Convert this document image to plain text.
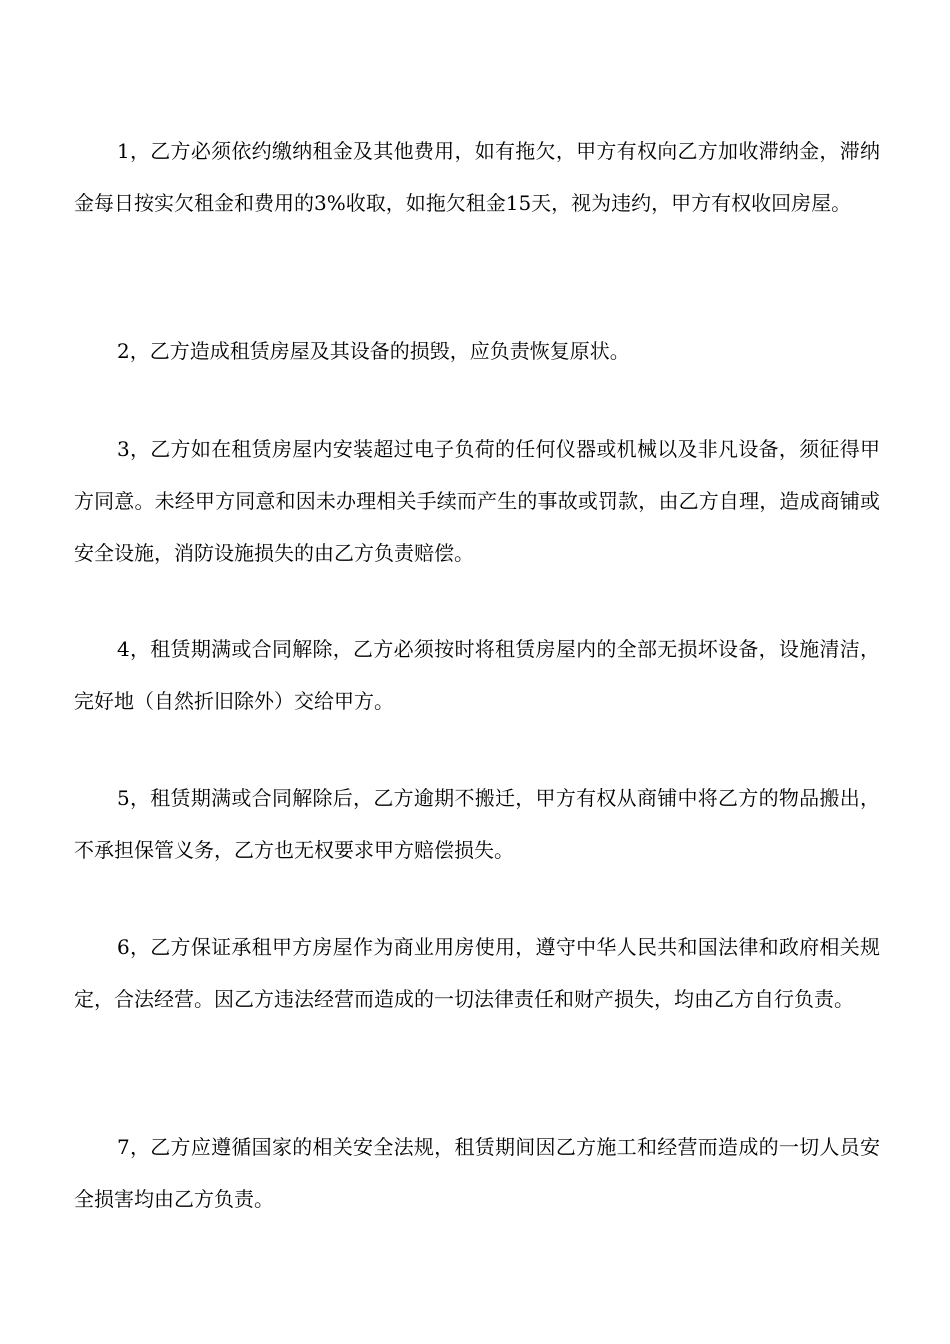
1，乙方必须依约缴纳租金及其他费用，如有拖欠，甲方有权向乙方加收滞纳金，滞纳金每日按实欠租金和费用的3%收取，如拖欠租金15天，视为违约，甲方有权收回房屋。

2，乙方造成租赁房屋及其设备的损毁，应负责恢复原状。

3，乙方如在租赁房屋内安装超过电子负荷的任何仪器或机械以及非凡设备，须征得甲方同意。未经甲方同意和因未办理相关手续而产生的事故或罚款，由乙方自理，造成商铺或安全设施，消防设施损失的由乙方负责赔偿。

4，租赁期满或合同解除，乙方必须按时将租赁房屋内的全部无损坏设备，设施清洁，完好地（自然折旧除外）交给甲方。

5，租赁期满或合同解除后，乙方逾期不搬迁，甲方有权从商铺中将乙方的物品搬出，不承担保管义务，乙方也无权要求甲方赔偿损失。

6，乙方保证承租甲方房屋作为商业用房使用，遵守中华人民共和国法律和政府相关规定，合法经营。因乙方违法经营而造成的一切法律责任和财产损失，均由乙方自行负责。

7，乙方应遵循国家的相关安全法规，租赁期间因乙方施工和经营而造成的一切人员安全损害均由乙方负责。
